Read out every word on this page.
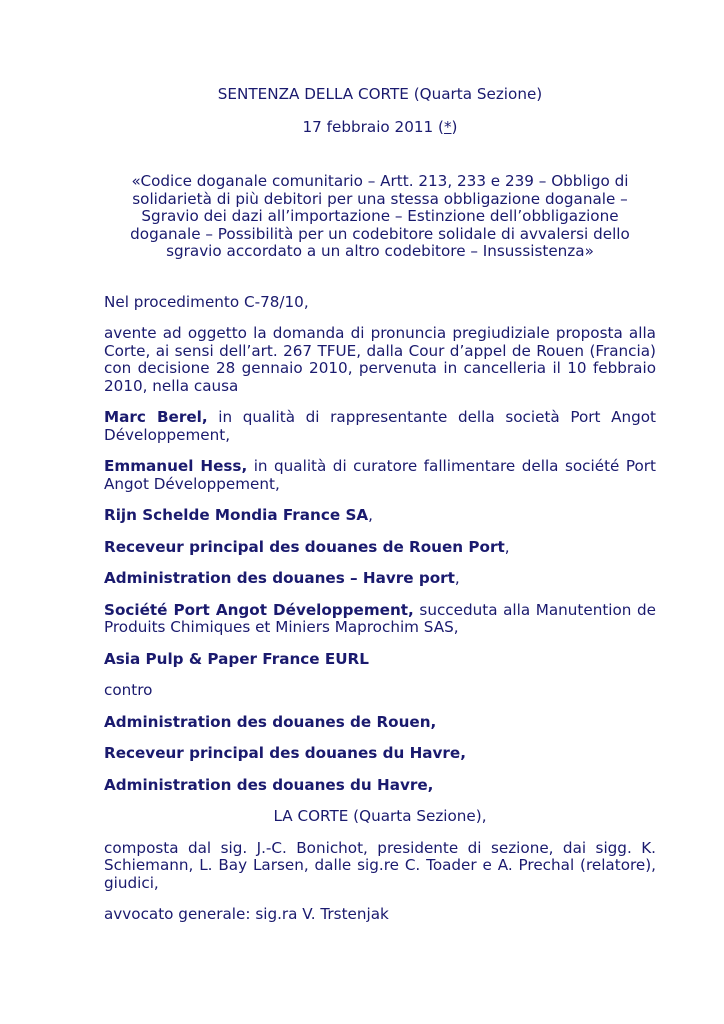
SENTENZA DELLA CORTE (Quarta Sezione)

17 febbraio 2011 (*)

«Codice doganale comunitario – Artt. 213, 233 e 239 – Obbligo di solidarietà di più debitori per una stessa obbligazione doganale – Sgravio dei dazi all’importazione – Estinzione dell’obbligazione doganale – Possibilità per un codebitore solidale di avvalersi dello sgravio accordato a un altro codebitore – Insussistenza»

Nel procedimento C-78/10,

avente ad oggetto la domanda di pronuncia pregiudiziale proposta alla Corte, ai sensi dell’art. 267 TFUE, dalla Cour d’appel de Rouen (Francia) con decisione 28 gennaio 2010, pervenuta in cancelleria il 10 febbraio 2010, nella causa

Marc Berel, in qualità di rappresentante della società Port Angot Développement,

Emmanuel Hess, in qualità di curatore fallimentare della société Port Angot Développement,

Rijn Schelde Mondia France SA,

Receveur principal des douanes de Rouen Port,

Administration des douanes – Havre port,

Société Port Angot Développement, succeduta alla Manutention de Produits Chimiques et Miniers Maprochim SAS,

Asia Pulp & Paper France EURL

contro

Administration des douanes de Rouen,

Receveur principal des douanes du Havre,

Administration des douanes du Havre,

LA CORTE (Quarta Sezione),

composta dal sig. J.-C. Bonichot, presidente di sezione, dai sigg. K. Schiemann, L. Bay Larsen, dalle sig.re C. Toader e A. Prechal (relatore), giudici,

avvocato generale: sig.ra V. Trstenjak
